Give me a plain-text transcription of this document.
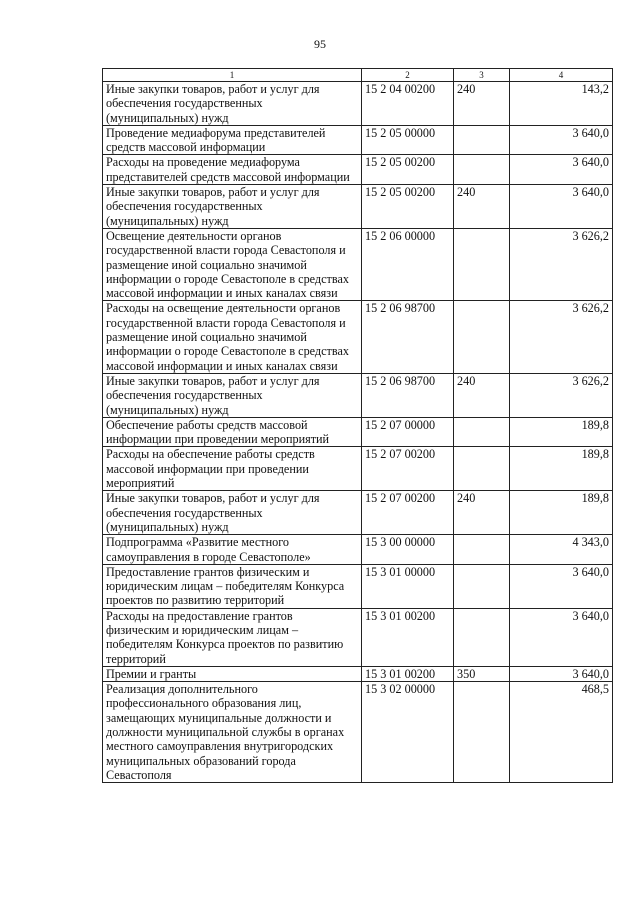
95
1	2	3	4
Иные закупки товаров, работ и услуг для обеспечения государственных (муниципальных) нужд	15 2 04 00200	240	143,2
Проведение медиафорума представителей средств массовой информации	15 2 05 00000		3 640,0
Расходы на проведение медиафорума представителей средств массовой информации	15 2 05 00200		3 640,0
Иные закупки товаров, работ и услуг для обеспечения государственных (муниципальных) нужд	15 2 05 00200	240	3 640,0
Освещение деятельности органов государственной власти города Севастополя и размещение иной социально значимой информации о городе Севастополе в средствах массовой информации и иных каналах связи	15 2 06 00000		3 626,2
Расходы на освещение деятельности органов государственной власти города Севастополя и размещение иной социально значимой информации о городе Севастополе в средствах массовой информации и иных каналах связи	15 2 06 98700		3 626,2
Иные закупки товаров, работ и услуг для обеспечения государственных (муниципальных) нужд	15 2 06 98700	240	3 626,2
Обеспечение работы средств массовой информации при проведении мероприятий	15 2 07 00000		189,8
Расходы на обеспечение работы средств массовой информации при проведении мероприятий	15 2 07 00200		189,8
Иные закупки товаров, работ и услуг для обеспечения государственных (муниципальных) нужд	15 2 07 00200	240	189,8
Подпрограмма «Развитие местного самоуправления в городе Севастополе»	15 3 00 00000		4 343,0
Предоставление грантов физическим и юридическим лицам – победителям Конкурса проектов по развитию территорий	15 3 01 00000		3 640,0
Расходы на предоставление грантов физическим и юридическим лицам – победителям Конкурса проектов по развитию территорий	15 3 01 00200		3 640,0
Премии и гранты	15 3 01 00200	350	3 640,0
Реализация дополнительного профессионального образования лиц, замещающих муниципальные должности и должности муниципальной службы в органах местного самоуправления внутригородских муниципальных образований города Севастополя	15 3 02 00000		468,5
